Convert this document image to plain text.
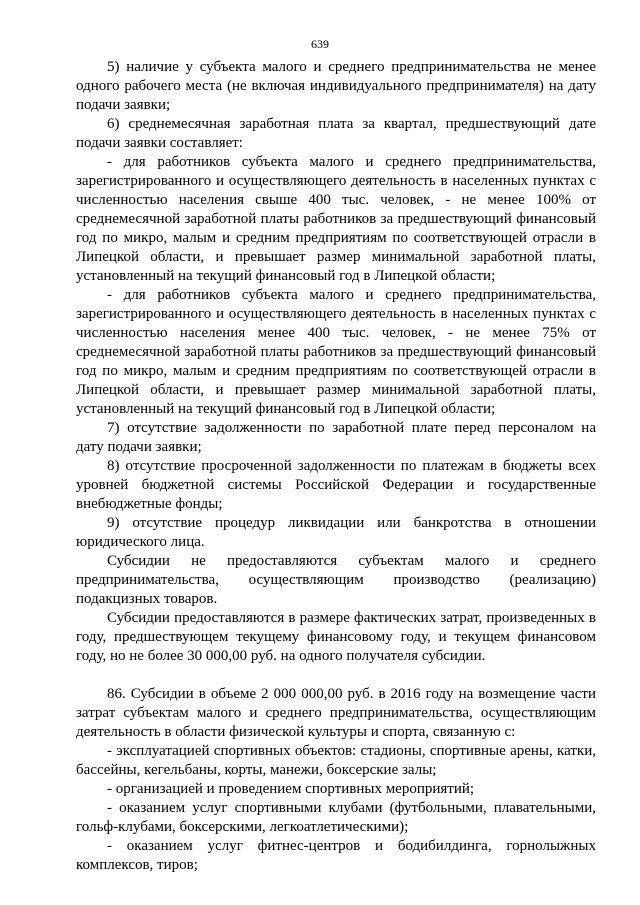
639

5) наличие у субъекта малого и среднего предпринимательства не менее одного рабочего места (не включая индивидуального предпринимателя) на дату подачи заявки;

6) среднемесячная заработная плата за квартал, предшествующий дате подачи заявки составляет:

- для работников субъекта малого и среднего предпринимательства, зарегистрированного и осуществляющего деятельность в населенных пунктах с численностью населения свыше 400 тыс. человек, - не менее 100% от среднемесячной заработной платы работников за предшествующий финансовый год по микро, малым и средним предприятиям по соответствующей отрасли в Липецкой области, и превышает размер минимальной заработной платы, установленный на текущий финансовый год в Липецкой области;

- для работников субъекта малого и среднего предпринимательства, зарегистрированного и осуществляющего деятельность в населенных пунктах с численностью населения менее 400 тыс. человек, - не менее 75% от среднемесячной заработной платы работников за предшествующий финансовый год по микро, малым и средним предприятиям по соответствующей отрасли в Липецкой области, и превышает размер минимальной заработной платы, установленный на текущий финансовый год в Липецкой области;

7) отсутствие задолженности по заработной плате перед персоналом на дату подачи заявки;

8) отсутствие просроченной задолженности по платежам в бюджеты всех уровней бюджетной системы Российской Федерации и государственные внебюджетные фонды;

9) отсутствие процедур ликвидации или банкротства в отношении юридического лица.

Субсидии не предоставляются субъектам малого и среднего предпринимательства, осуществляющим производство (реализацию) подакцизных товаров.

Субсидии предоставляются в размере фактических затрат, произведенных в году, предшествующем текущему финансовому году, и текущем финансовом году, но не более 30 000,00 руб. на одного получателя субсидии.

86. Субсидии в объеме 2 000 000,00 руб. в 2016 году на возмещение части затрат субъектам малого и среднего предпринимательства, осуществляющим деятельность в области физической культуры и спорта, связанную с:

- эксплуатацией спортивных объектов: стадионы, спортивные арены, катки, бассейны, кегельбаны, корты, манежи, боксерские залы;

- организацией и проведением спортивных мероприятий;

- оказанием услуг спортивными клубами (футбольными, плавательными, гольф-клубами, боксерскими, легкоатлетическими);

- оказанием услуг фитнес-центров и бодибилдинга, горнолыжных комплексов, тиров;
